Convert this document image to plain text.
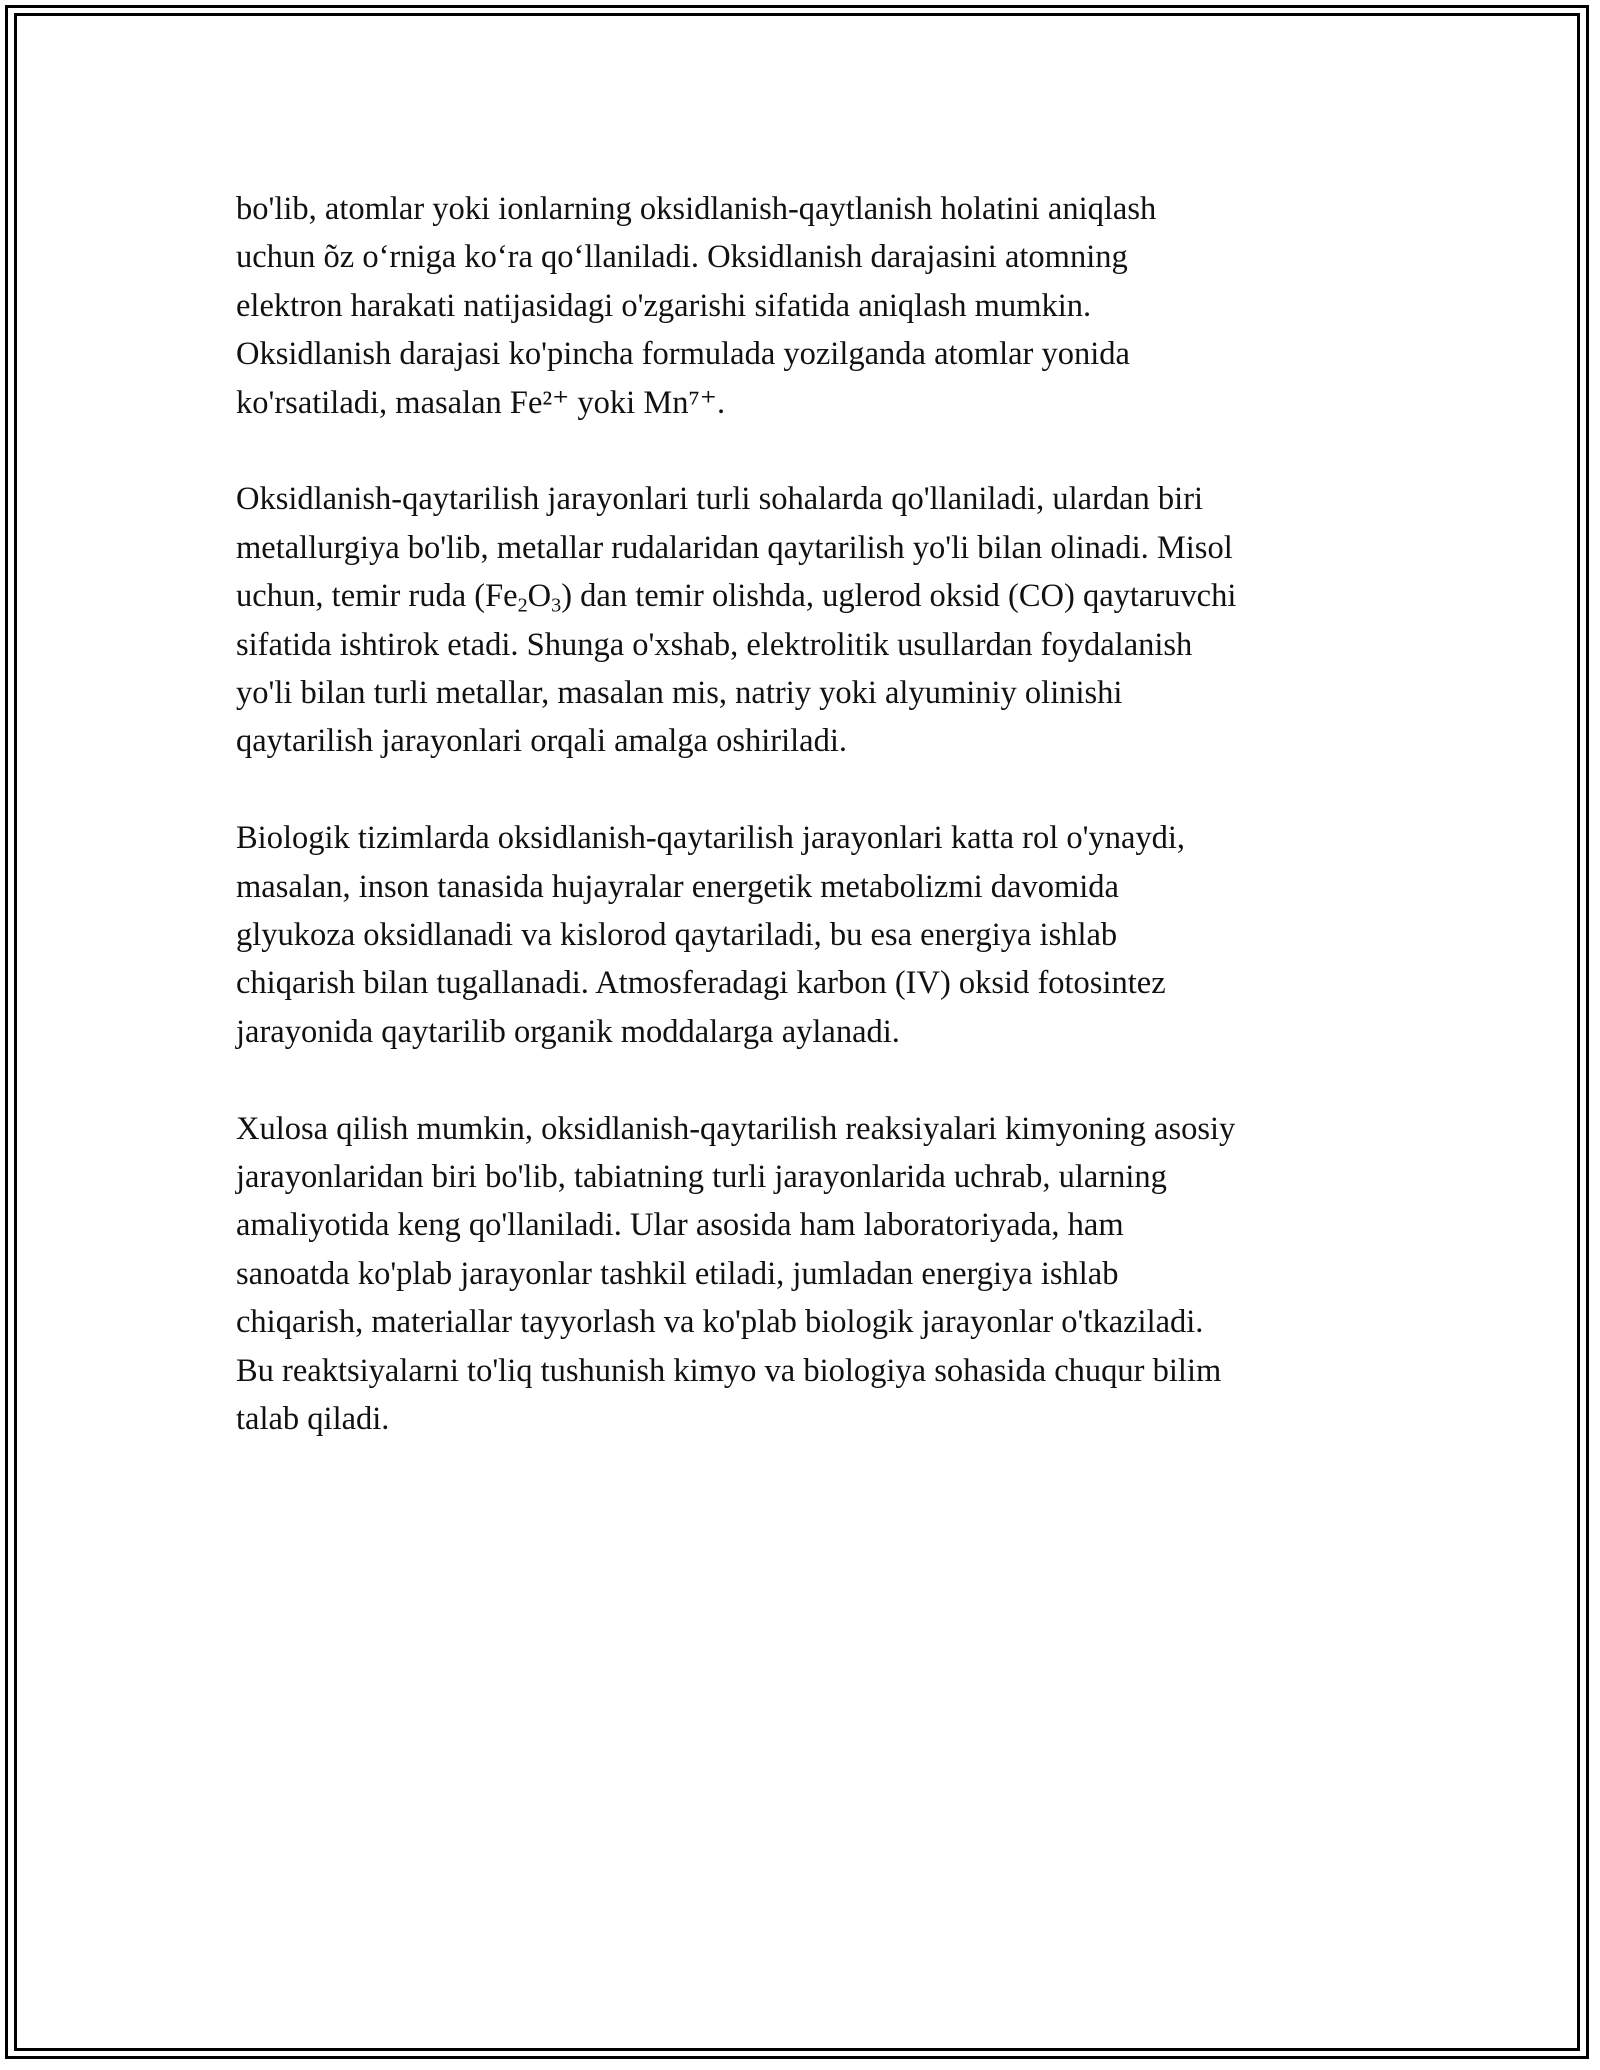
bo'lib, atomlar yoki ionlarning oksidlanish-qaytlanish holatini aniqlash
uchun õz oʻrniga koʻra qoʻllaniladi. Oksidlanish darajasini atomning
elektron harakati natijasidagi o'zgarishi sifatida aniqlash mumkin.
Oksidlanish darajasi ko'pincha formulada yozilganda atomlar yonida
ko'rsatiladi, masalan Fe²⁺ yoki Mn⁷⁺.

Oksidlanish-qaytarilish jarayonlari turli sohalarda qo'llaniladi, ulardan biri
metallurgiya bo'lib, metallar rudalaridan qaytarilish yo'li bilan olinadi. Misol
uchun, temir ruda $(Fe_2O_3)$ dan temir olishda, uglerod oksid (CO) qaytaruvchi
sifatida ishtirok etadi. Shunga o'xshab, elektrolitik usullardan foydalanish
yo'li bilan turli metallar, masalan mis, natriy yoki alyuminiy olinishi
qaytarilish jarayonlari orqali amalga oshiriladi.

Biologik tizimlarda oksidlanish-qaytarilish jarayonlari katta rol o'ynaydi,
masalan, inson tanasida hujayralar energetik metabolizmi davomida
glyukoza oksidlanadi va kislorod qaytariladi, bu esa energiya ishlab
chiqarish bilan tugallanadi. Atmosferadagi karbon (IV) oksid fotosintez
jarayonida qaytarilib organik moddalarga aylanadi.

Xulosa qilish mumkin, oksidlanish-qaytarilish reaksiyalari kimyoning asosiy
jarayonlaridan biri bo'lib, tabiatning turli jarayonlarida uchrab, ularning
amaliyotida keng qo'llaniladi. Ular asosida ham laboratoriyada, ham
sanoatda ko'plab jarayonlar tashkil etiladi, jumladan energiya ishlab
chiqarish, materiallar tayyorlash va ko'plab biologik jarayonlar o'tkaziladi.
Bu reaktsiyalarni to'liq tushunish kimyo va biologiya sohasida chuqur bilim
talab qiladi.
